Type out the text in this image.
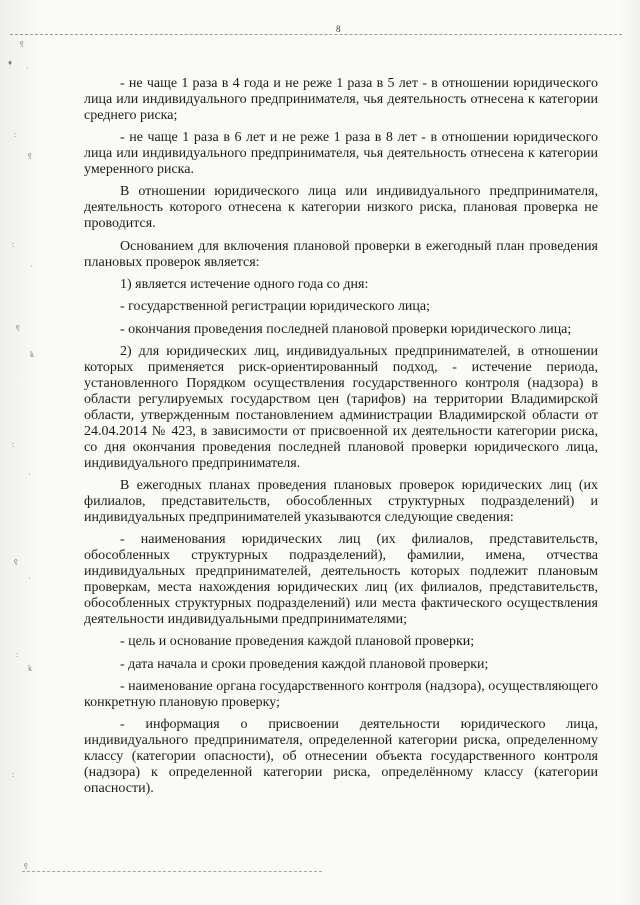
8
ę
♦
·
:
ę
:
·
ę
k
:
·
ę
·
:
k
:
ę

- не чаще 1 раза в 4 года и не реже 1 раза в 5 лет - в отношении юридического лица или индивидуального предпринимателя, чья деятельность отнесена к категории среднего риска;

- не чаще 1 раза в 6 лет и не реже 1 раза в 8 лет - в отношении юридического лица или индивидуального предпринимателя, чья деятельность отнесена к категории умеренного риска.

В отношении юридического лица или индивидуального предпринимателя, деятельность которого отнесена к категории низкого риска, плановая проверка не проводится.

Основанием для включения плановой проверки в ежегодный план проведения плановых проверок является:

1) является истечение одного года со дня:

- государственной регистрации юридического лица;

- окончания проведения последней плановой проверки юридического лица;

2) для юридических лиц, индивидуальных предпринимателей, в отношении которых применяется риск-ориентированный подход, - истечение периода, установленного Порядком осуществления государственного контроля (надзора) в области регулируемых государством цен (тарифов) на территории Владимирской области, утвержденным постановлением администрации Владимирской области от 24.04.2014 № 423, в зависимости от присвоенной их деятельности категории риска, со дня окончания проведения последней плановой проверки юридического лица, индивидуального предпринимателя.

В ежегодных планах проведения плановых проверок юридических лиц (их филиалов, представительств, обособленных структурных подразделений) и индивидуальных предпринимателей указываются следующие сведения:

- наименования юридических лиц (их филиалов, представительств, обособленных структурных подразделений), фамилии, имена, отчества индивидуальных предпринимателей, деятельность которых подлежит плановым проверкам, места нахождения юридических лиц (их филиалов, представительств, обособленных структурных подразделений) или места фактического осуществления деятельности индивидуальными предпринимателями;

- цель и основание проведения каждой плановой проверки;

- дата начала и сроки проведения каждой плановой проверки;

- наименование органа государственного контроля (надзора), осуществляющего конкретную плановую проверку;

- информация о присвоении деятельности юридического лица, индивидуального предпринимателя, определенной категории риска, определенному классу (категории опасности), об отнесении объекта государственного контроля (надзора) к определенной категории риска, определённому классу (категории опасности).
